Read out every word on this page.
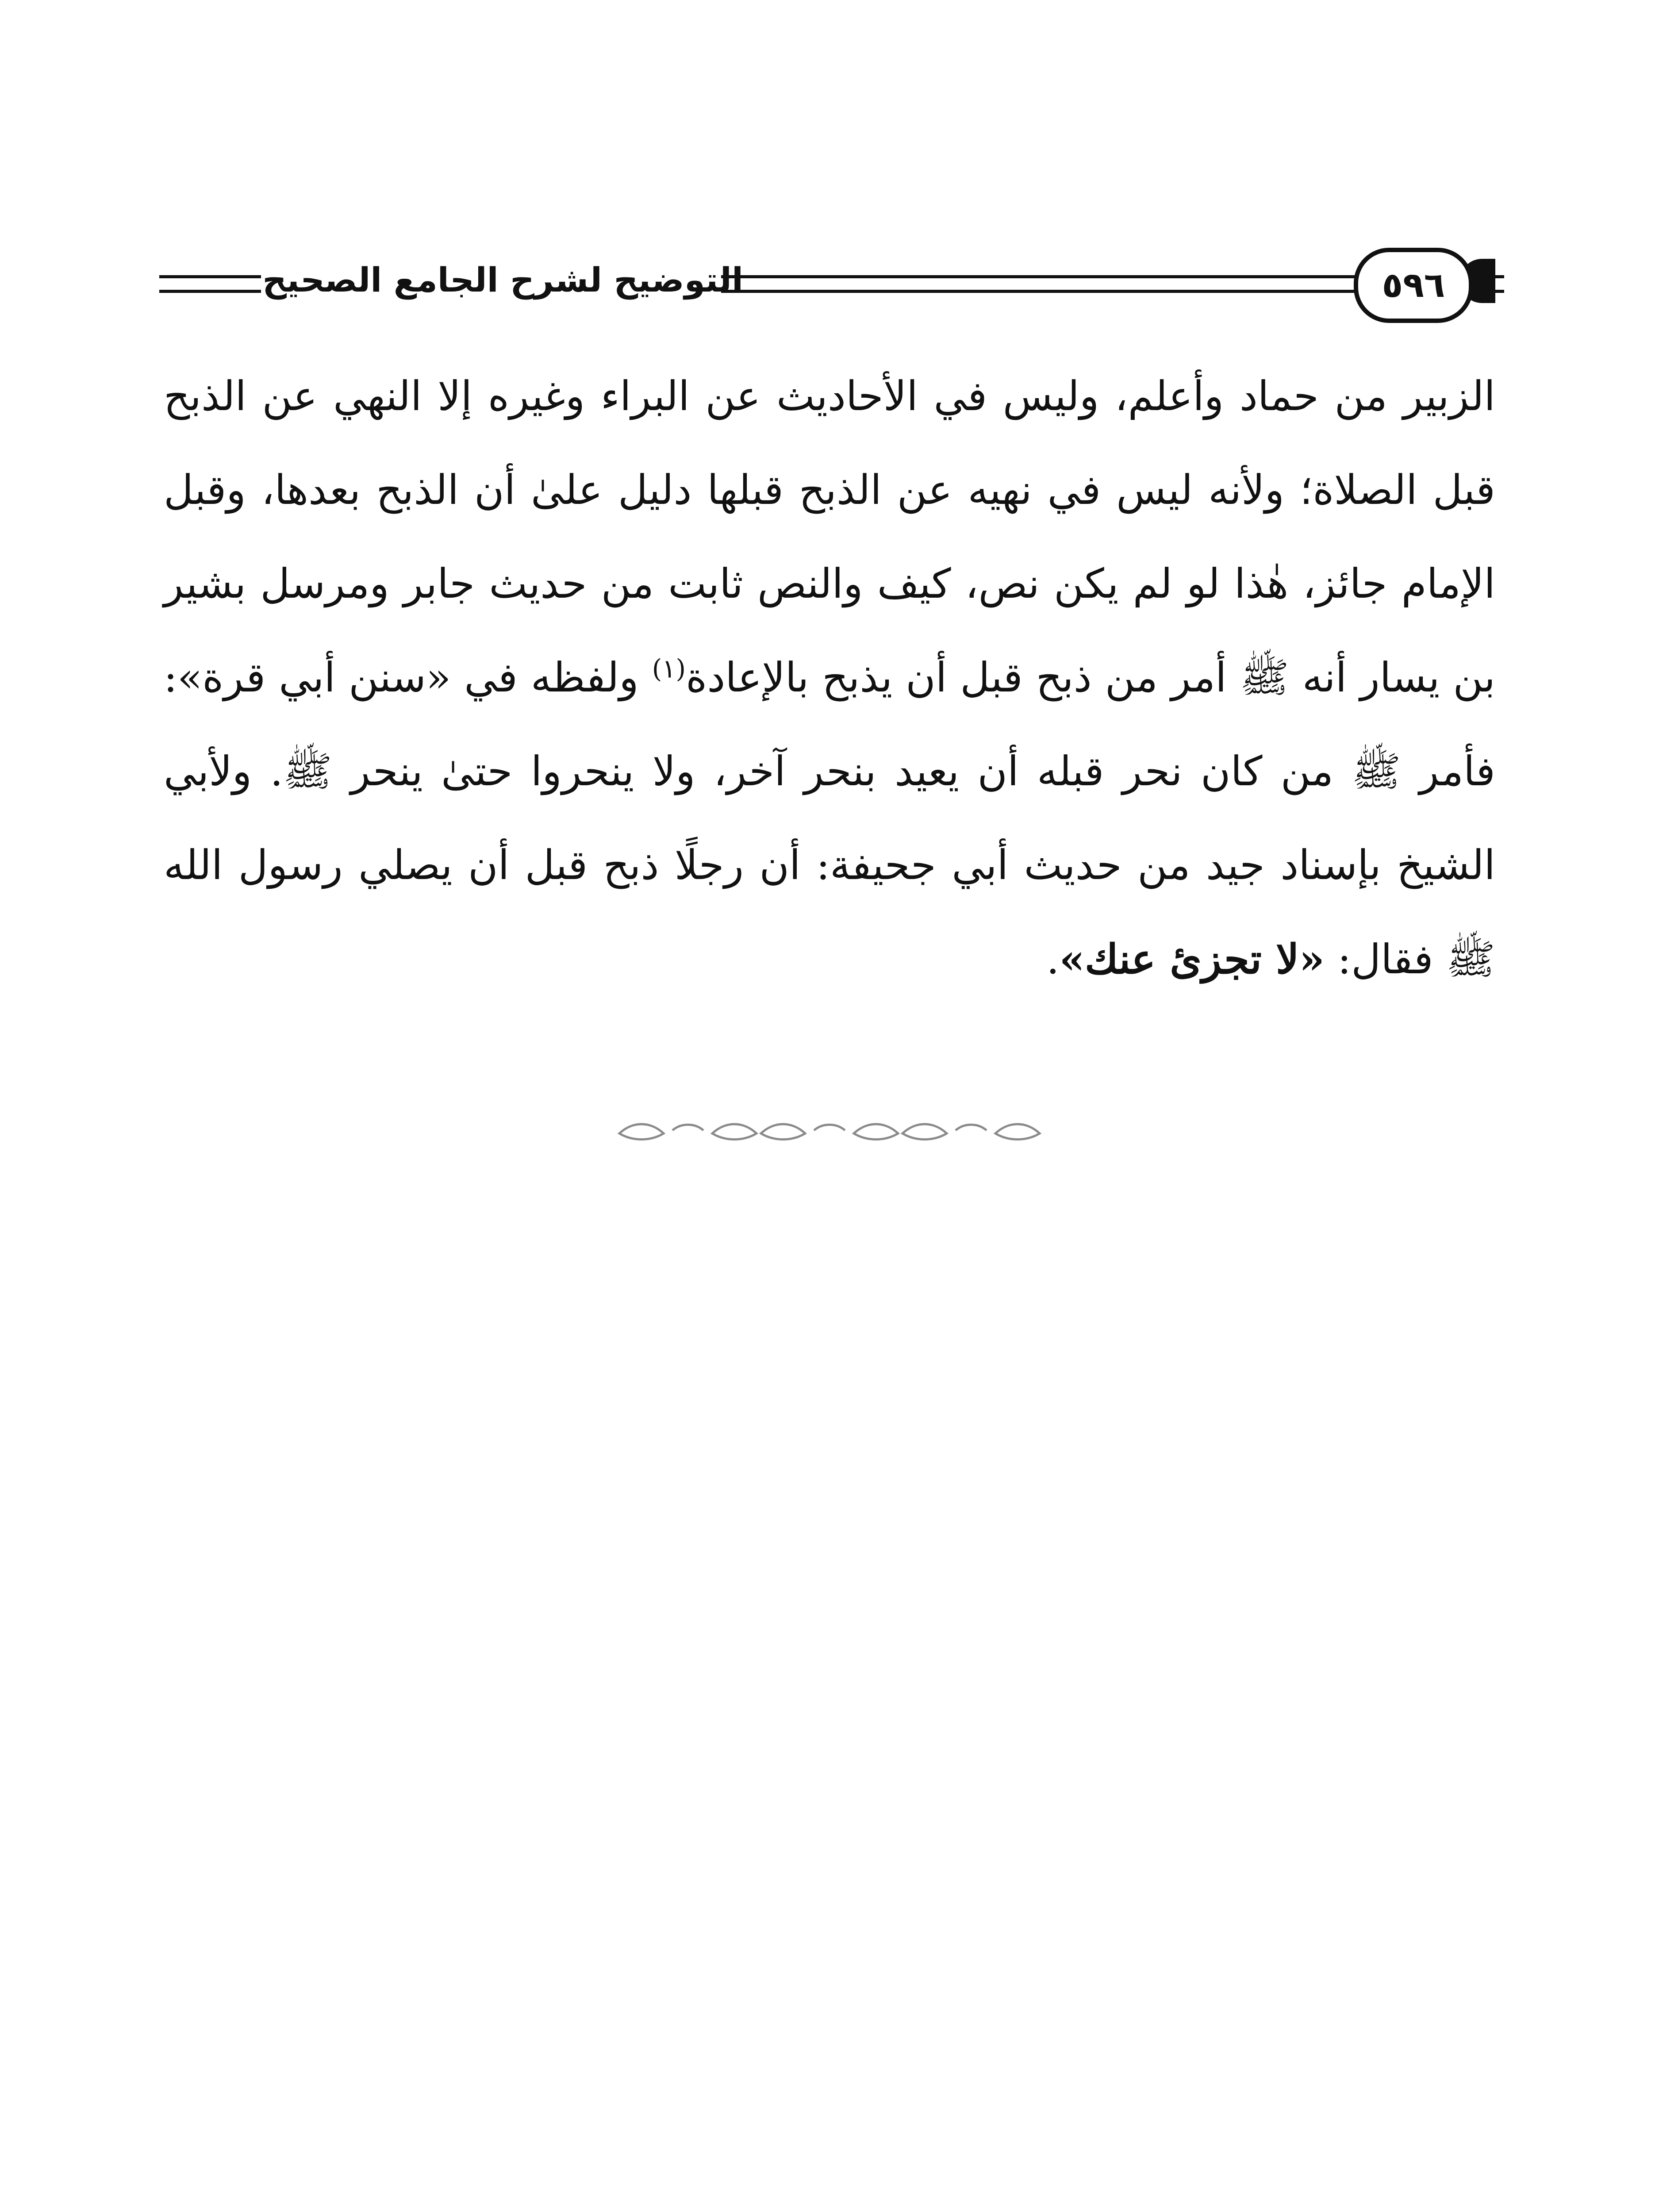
٥٩٦
التوضيح لشرح الجامع الصحيح

الزبير من حماد وأعلم، وليس في الأحاديث عن البراء وغيره إلا النهي عن الذبح قبل الصلاة؛ ولأنه ليس في نهيه عن الذبح قبلها دليل علىٰ أن الذبح بعدها، وقبل الإمام جائز، هٰذا لو لم يكن نص، كيف والنص ثابت من حديث جابر ومرسل بشير بن يسار أنه ﷺ أمر من ذبح قبل أن يذبح بالإعادة$^{(١)}$ ولفظه في «سنن أبي قرة»: فأمر ﷺ من كان نحر قبله أن يعيد بنحر آخر، ولا ينحروا حتىٰ ينحر ﷺ. ولأبي الشيخ بإسناد جيد من حديث أبي جحيفة: أن رجلًا ذبح قبل أن يصلي رسول الله ﷺ فقال: «لا تجزئ عنك».
